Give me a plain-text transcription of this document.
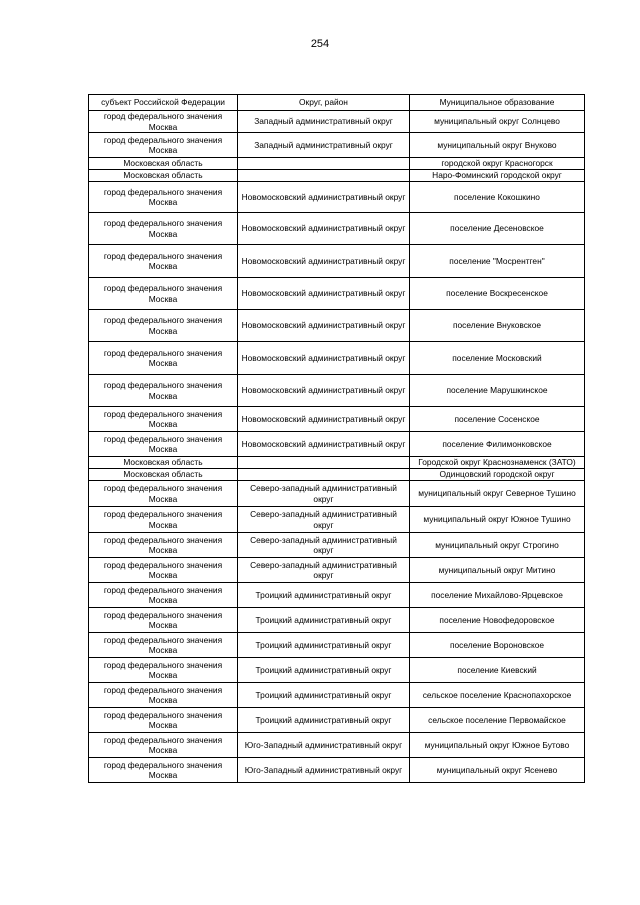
254
субъект Российской Федерации	Округ, район	Муниципальное образование
город федерального значения Москва	Западный административный округ	муниципальный округ Солнцево
город федерального значения Москва	Западный административный округ	муниципальный округ Внуково
Московская область		городской округ Красногорск
Московская область		Наро-Фоминский городской округ
город федерального значения Москва	Новомосковский административный округ	поселение Кокошкино
город федерального значения Москва	Новомосковский административный округ	поселение Десеновское
город федерального значения Москва	Новомосковский административный округ	поселение "Мосрентген"
город федерального значения Москва	Новомосковский административный округ	поселение Воскресенское
город федерального значения Москва	Новомосковский административный округ	поселение Внуковское
город федерального значения Москва	Новомосковский административный округ	поселение Московский
город федерального значения Москва	Новомосковский административный округ	поселение Марушкинское
город федерального значения Москва	Новомосковский административный округ	поселение Сосенское
город федерального значения Москва	Новомосковский административный округ	поселение Филимонковское
Московская область		Городской округ Краснознаменск (ЗАТО)
Московская область		Одинцовский городской округ
город федерального значения Москва	Северо-западный административный округ	муниципальный округ Северное Тушино
город федерального значения Москва	Северо-западный административный округ	муниципальный округ Южное Тушино
город федерального значения Москва	Северо-западный административный округ	муниципальный округ Строгино
город федерального значения Москва	Северо-западный административный округ	муниципальный округ Митино
город федерального значения Москва	Троицкий административный округ	поселение Михайлово-Ярцевское
город федерального значения Москва	Троицкий административный округ	поселение Новофедоровское
город федерального значения Москва	Троицкий административный округ	поселение Вороновское
город федерального значения Москва	Троицкий административный округ	поселение Киевский
город федерального значения Москва	Троицкий административный округ	сельское поселение Краснопахорское
город федерального значения Москва	Троицкий административный округ	сельское поселение Первомайское
город федерального значения Москва	Юго-Западный административный округ	муниципальный округ Южное Бутово
город федерального значения Москва	Юго-Западный административный округ	муниципальный округ Ясенево
